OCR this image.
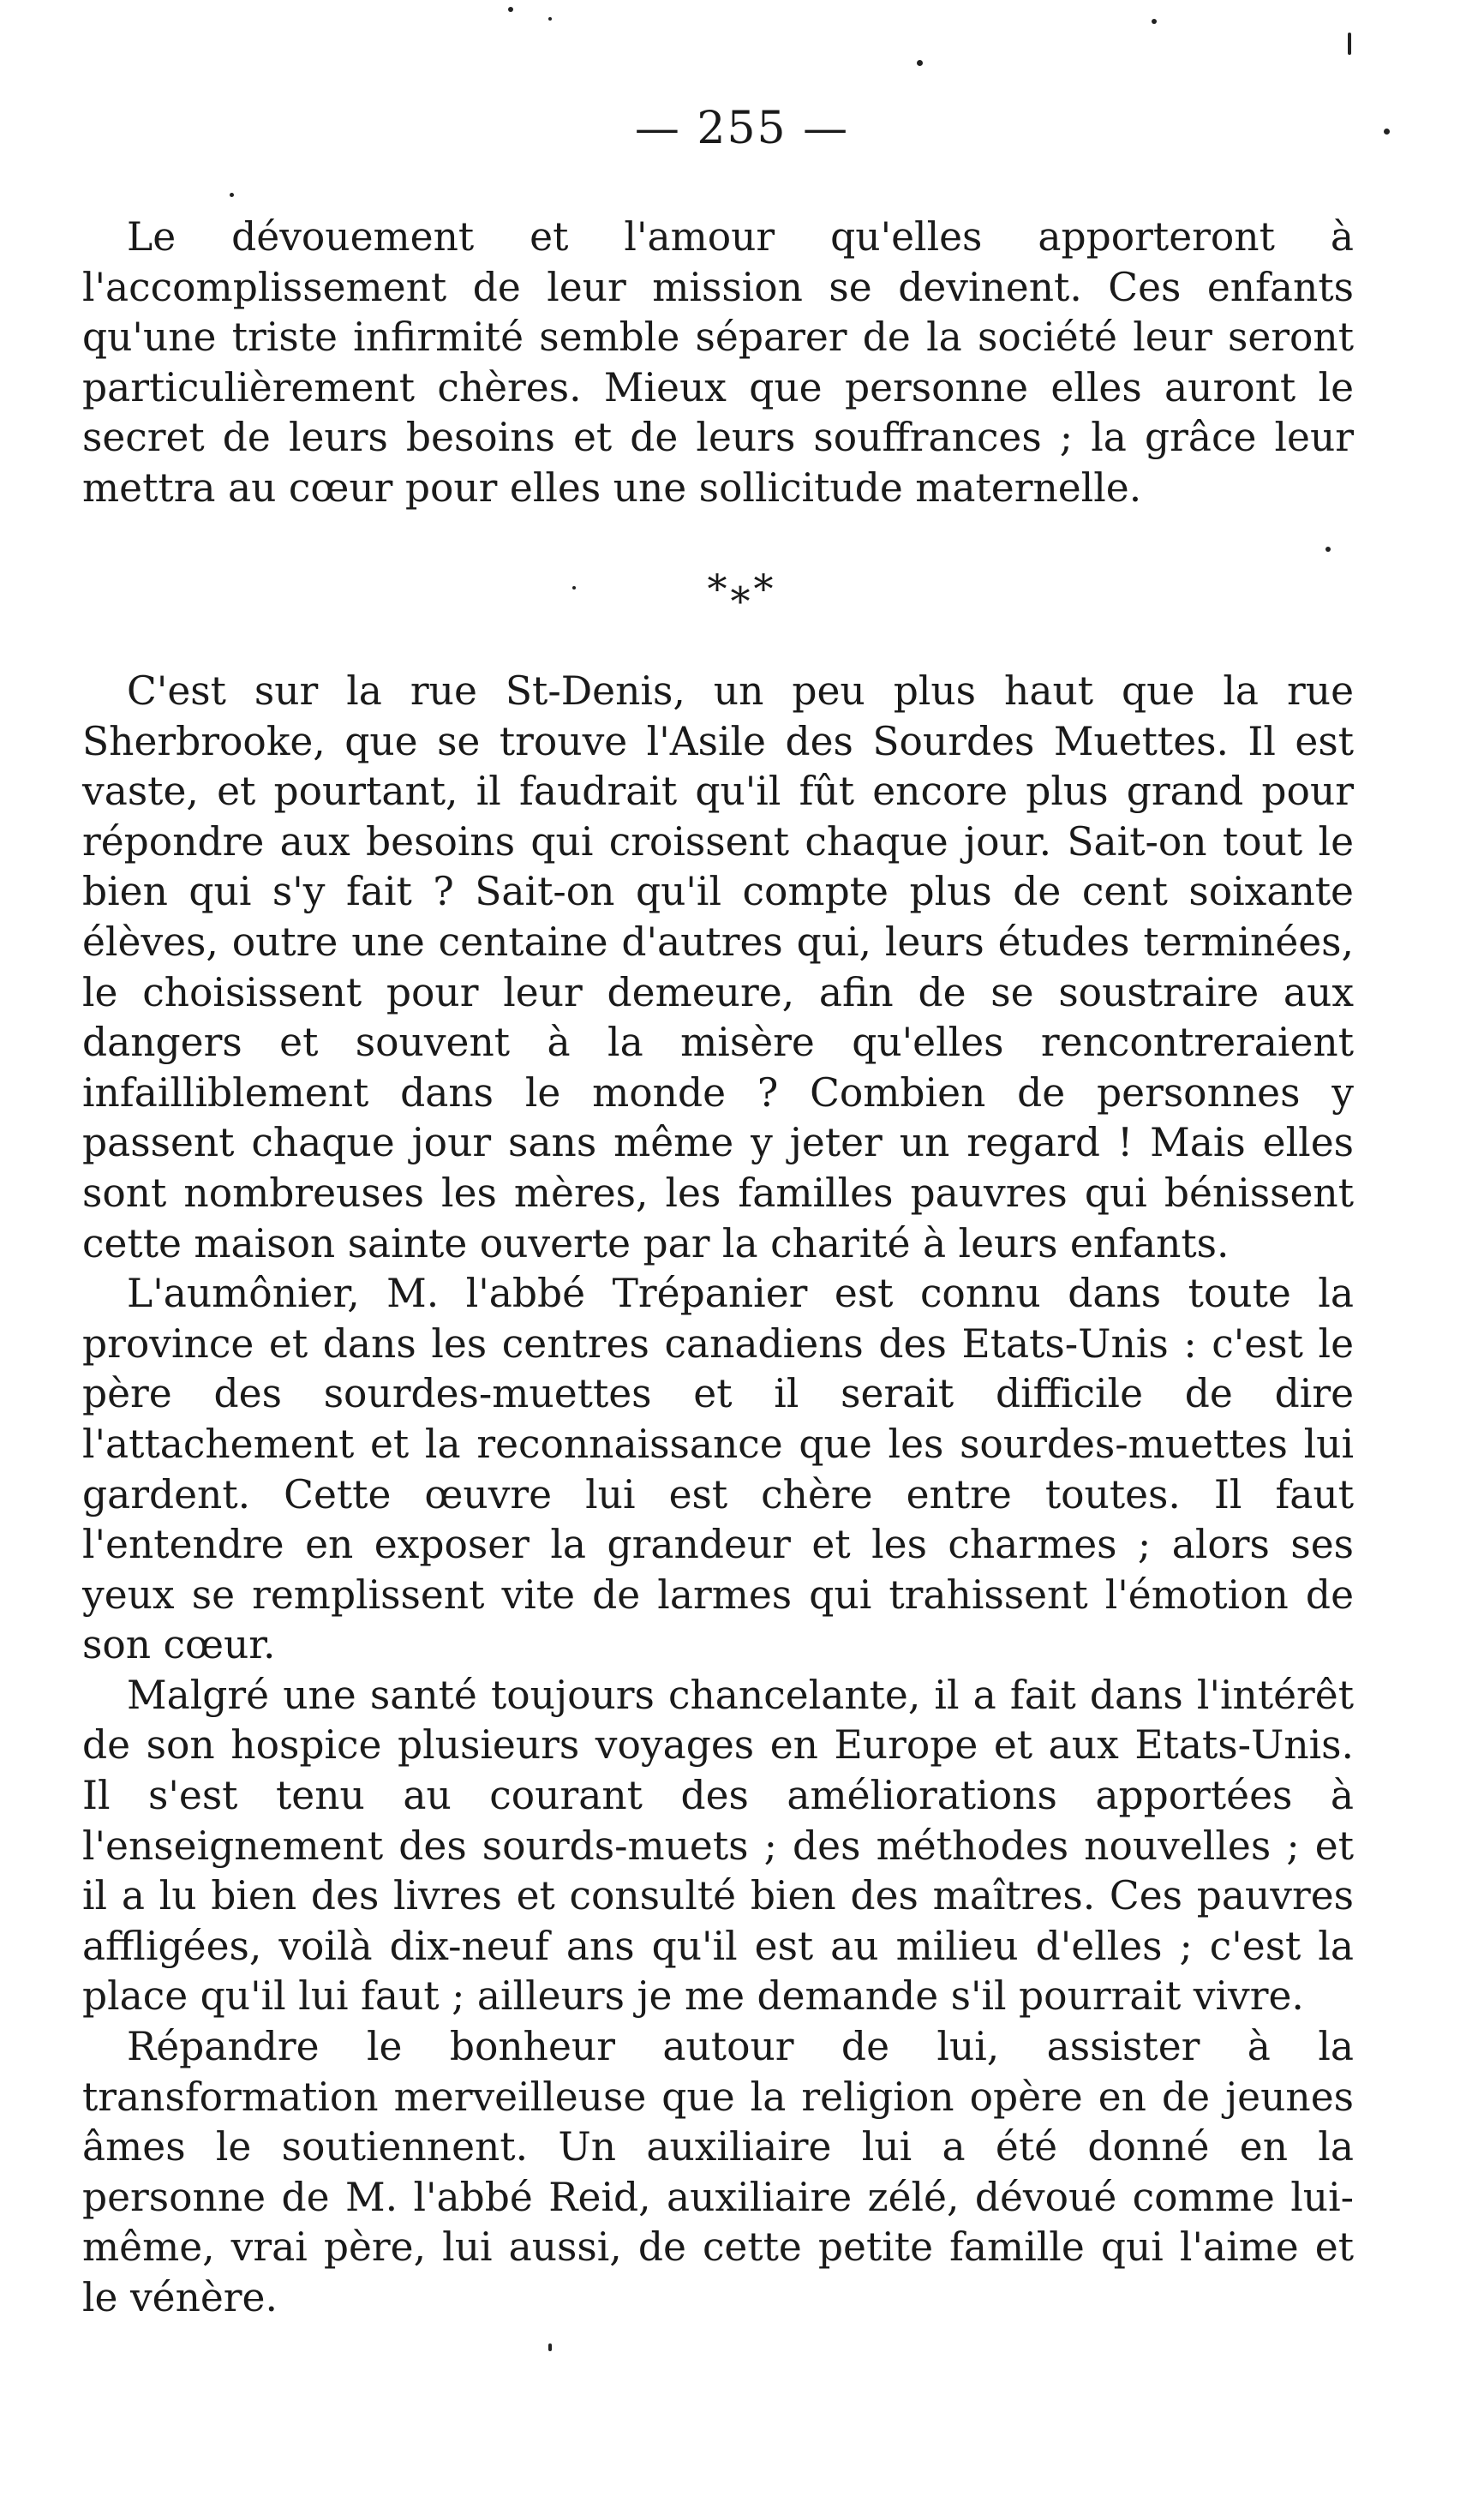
— 255 —

Le dévouement et l'amour qu'elles apporteront à l'accomplissement de leur mission se devinent. Ces enfants qu'une triste infirmité semble séparer de la société leur seront particulièrement chères. Mieux que personne elles auront le secret de leurs besoins et de leurs souffrances ; la grâce leur mettra au cœur pour elles une sollicitude maternelle.

*⁎*

C'est sur la rue St-Denis, un peu plus haut que la rue Sherbrooke, que se trouve l'Asile des Sourdes Muettes. Il est vaste, et pourtant, il faudrait qu'il fût encore plus grand pour répondre aux besoins qui croissent chaque jour. Sait-on tout le bien qui s'y fait ? Sait-on qu'il compte plus de cent soixante élèves, outre une centaine d'autres qui, leurs études terminées, le choisissent pour leur demeure, afin de se soustraire aux dangers et souvent à la misère qu'elles rencontreraient infailliblement dans le monde ? Combien de personnes y passent chaque jour sans même y jeter un regard ! Mais elles sont nombreuses les mères, les familles pauvres qui bénissent cette maison sainte ouverte par la charité à leurs enfants.

L'aumônier, M. l'abbé Trépanier est connu dans toute la province et dans les centres canadiens des Etats-Unis : c'est le père des sourdes-muettes et il serait difficile de dire l'attachement et la reconnaissance que les sourdes-muettes lui gardent. Cette œuvre lui est chère entre toutes. Il faut l'entendre en exposer la grandeur et les charmes ; alors ses yeux se remplissent vite de larmes qui trahissent l'émotion de son cœur.

Malgré une santé toujours chancelante, il a fait dans l'intérêt de son hospice plusieurs voyages en Europe et aux Etats-Unis. Il s'est tenu au courant des améliorations apportées à l'enseignement des sourds-muets ; des méthodes nouvelles ; et il a lu bien des livres et consulté bien des maîtres. Ces pauvres affligées, voilà dix-neuf ans qu'il est au milieu d'elles ; c'est la place qu'il lui faut ; ailleurs je me demande s'il pourrait vivre.

Répandre le bonheur autour de lui, assister à la transformation merveilleuse que la religion opère en de jeunes âmes le soutiennent. Un auxiliaire lui a été donné en la personne de M. l'abbé Reid, auxiliaire zélé, dévoué comme lui-même, vrai père, lui aussi, de cette petite famille qui l'aime et le vénère.
